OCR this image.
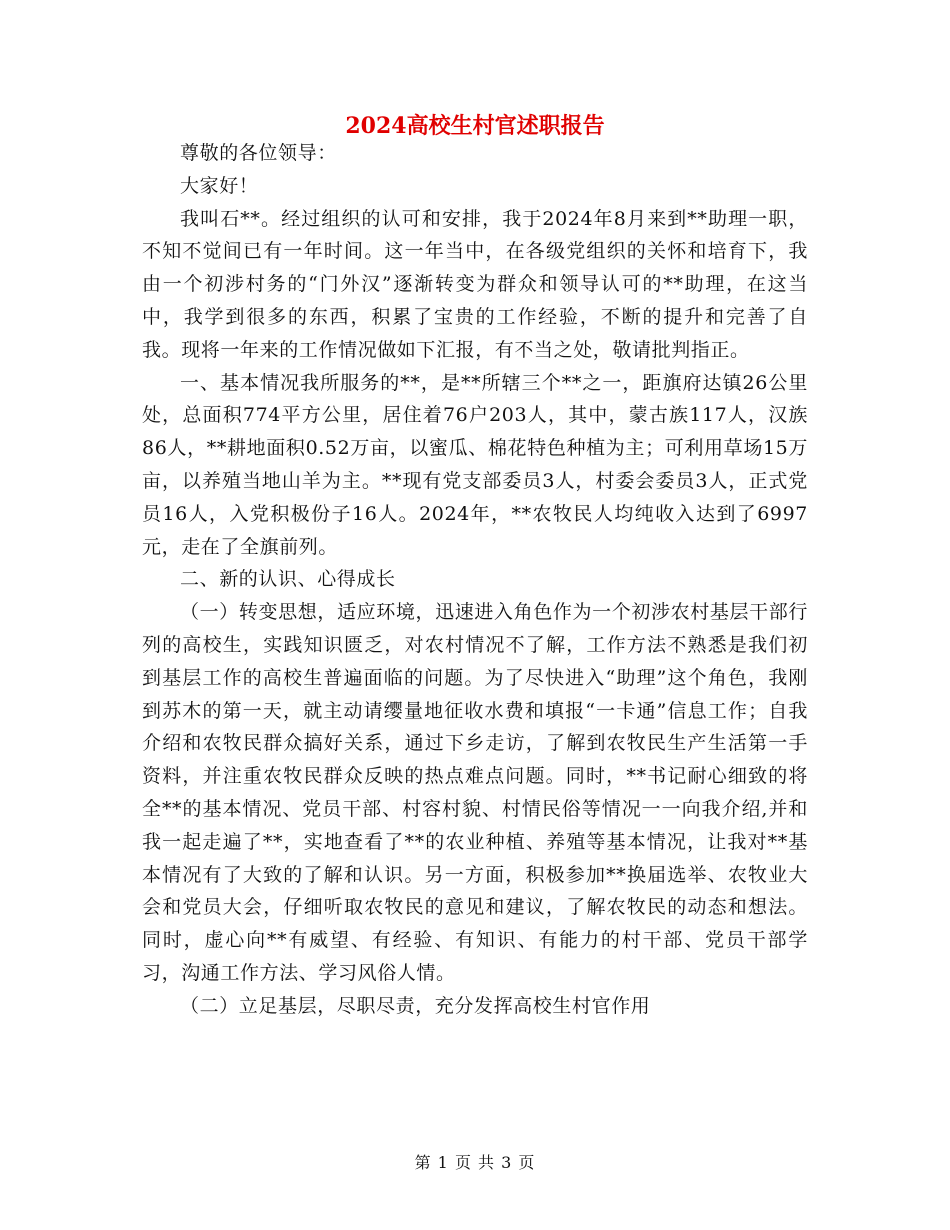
2024高校生村官述职报告

尊敬的各位领导：

大家好！

我叫石**。经过组织的认可和安排，我于2024年8月来到**助理一职，不知不觉间已有一年时间。这一年当中，在各级党组织的关怀和培育下，我由一个初涉村务的“门外汉”逐渐转变为群众和领导认可的**助理，在这当中，我学到很多的东西，积累了宝贵的工作经验，不断的提升和完善了自我。现将一年来的工作情况做如下汇报，有不当之处，敬请批判指正。

一、基本情况我所服务的**，是**所辖三个**之一，距旗府达镇26公里处，总面积774平方公里，居住着76户203人，其中，蒙古族117人，汉族86人，**耕地面积0.52万亩，以蜜瓜、棉花特色种植为主；可利用草场15万亩，以养殖当地山羊为主。**现有党支部委员3人，村委会委员3人，正式党员16人，入党积极份子16人。2024年，**农牧民人均纯收入达到了6997元，走在了全旗前列。

二、新的认识、心得成长

（一）转变思想，适应环境，迅速进入角色作为一个初涉农村基层干部行列的高校生，实践知识匮乏，对农村情况不了解，工作方法不熟悉是我们初到基层工作的高校生普遍面临的问题。为了尽快进入“助理”这个角色，我刚到苏木的第一天，就主动请缨量地征收水费和填报“一卡通”信息工作；自我介绍和农牧民群众搞好关系，通过下乡走访，了解到农牧民生产生活第一手资料，并注重农牧民群众反映的热点难点问题。同时，**书记耐心细致的将全**的基本情况、党员干部、村容村貌、村情民俗等情况一一向我介绍,并和我一起走遍了**，实地查看了**的农业种植、养殖等基本情况，让我对**基本情况有了大致的了解和认识。另一方面，积极参加**换届选举、农牧业大会和党员大会，仔细听取农牧民的意见和建议，了解农牧民的动态和想法。同时，虚心向**有威望、有经验、有知识、有能力的村干部、党员干部学习，沟通工作方法、学习风俗人情。

（二）立足基层，尽职尽责，充分发挥高校生村官作用

第 1 页 共 3 页
